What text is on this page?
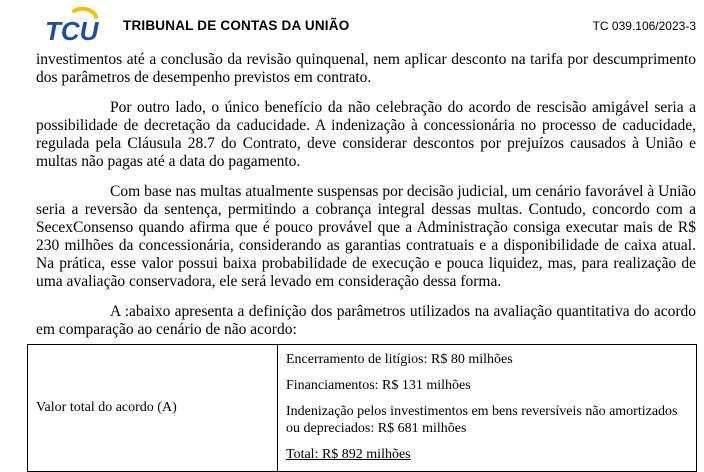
TCU TRIBUNAL DE CONTAS DA UNIÃO	TC 039.106/2023-3

investimentos até a conclusão da revisão quinquenal, nem aplicar desconto na tarifa por descumprimento dos parâmetros de desempenho previstos em contrato.

Por outro lado, o único benefício da não celebração do acordo de rescisão amigável seria a possibilidade de decretação da caducidade. A indenização à concessionária no processo de caducidade, regulada pela Cláusula 28.7 do Contrato, deve considerar descontos por prejuízos causados à União e multas não pagas até a data do pagamento.

Com base nas multas atualmente suspensas por decisão judicial, um cenário favorável à União seria a reversão da sentença, permitindo a cobrança integral dessas multas. Contudo, concordo com a SecexConsenso quando afirma que é pouco provável que a Administração consiga executar mais de R$ 230 milhões da concessionária, considerando as garantias contratuais e a disponibilidade de caixa atual. Na prática, esse valor possui baixa probabilidade de execução e pouca liquidez, mas, para realização de uma avaliação conservadora, ele será levado em consideração dessa forma.

A :abaixo apresenta a definição dos parâmetros utilizados na avaliação quantitativa do acordo em comparação ao cenário de não acordo:

Valor total do acordo (A)

Encerramento de litígios: R$ 80 milhões

Financiamentos: R$ 131 milhões

Indenização pelos investimentos em bens reversíveis não amortizados ou depreciados: R$ 681 milhões

Total: R$ 892 milhões
